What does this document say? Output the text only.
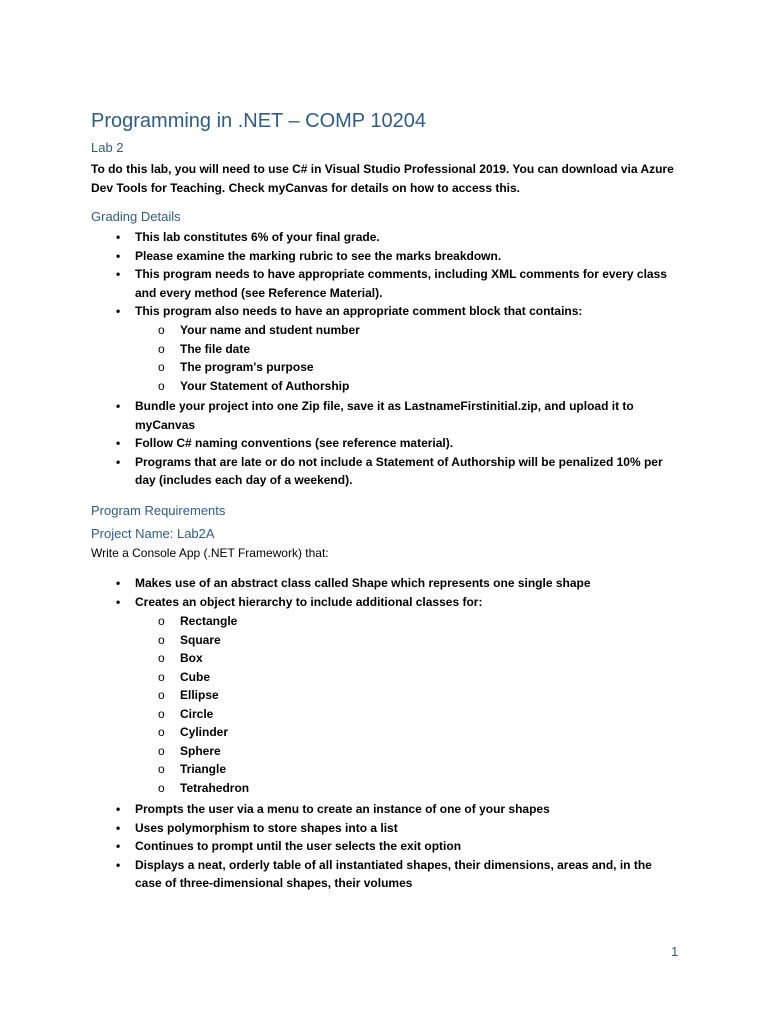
Programming in .NET – COMP 10204
Lab 2
To do this lab, you will need to use C# in Visual Studio Professional 2019. You can download via Azure Dev Tools for Teaching. Check myCanvas for details on how to access this.
Grading Details
• This lab constitutes 6% of your final grade.
• Please examine the marking rubric to see the marks breakdown.
• This program needs to have appropriate comments, including XML comments for every class and every method (see Reference Material).
• This program also needs to have an appropriate comment block that contains:
o Your name and student number
o The file date
o The program's purpose
o Your Statement of Authorship
• Bundle your project into one Zip file, save it as LastnameFirstinitial.zip, and upload it to myCanvas
• Follow C# naming conventions (see reference material).
• Programs that are late or do not include a Statement of Authorship will be penalized 10% per day (includes each day of a weekend).
Program Requirements
Project Name: Lab2A
Write a Console App (.NET Framework) that:
• Makes use of an abstract class called Shape which represents one single shape
• Creates an object hierarchy to include additional classes for:
o Rectangle
o Square
o Box
o Cube
o Ellipse
o Circle
o Cylinder
o Sphere
o Triangle
o Tetrahedron
• Prompts the user via a menu to create an instance of one of your shapes
• Uses polymorphism to store shapes into a list
• Continues to prompt until the user selects the exit option
• Displays a neat, orderly table of all instantiated shapes, their dimensions, areas and, in the case of three-dimensional shapes, their volumes
1
